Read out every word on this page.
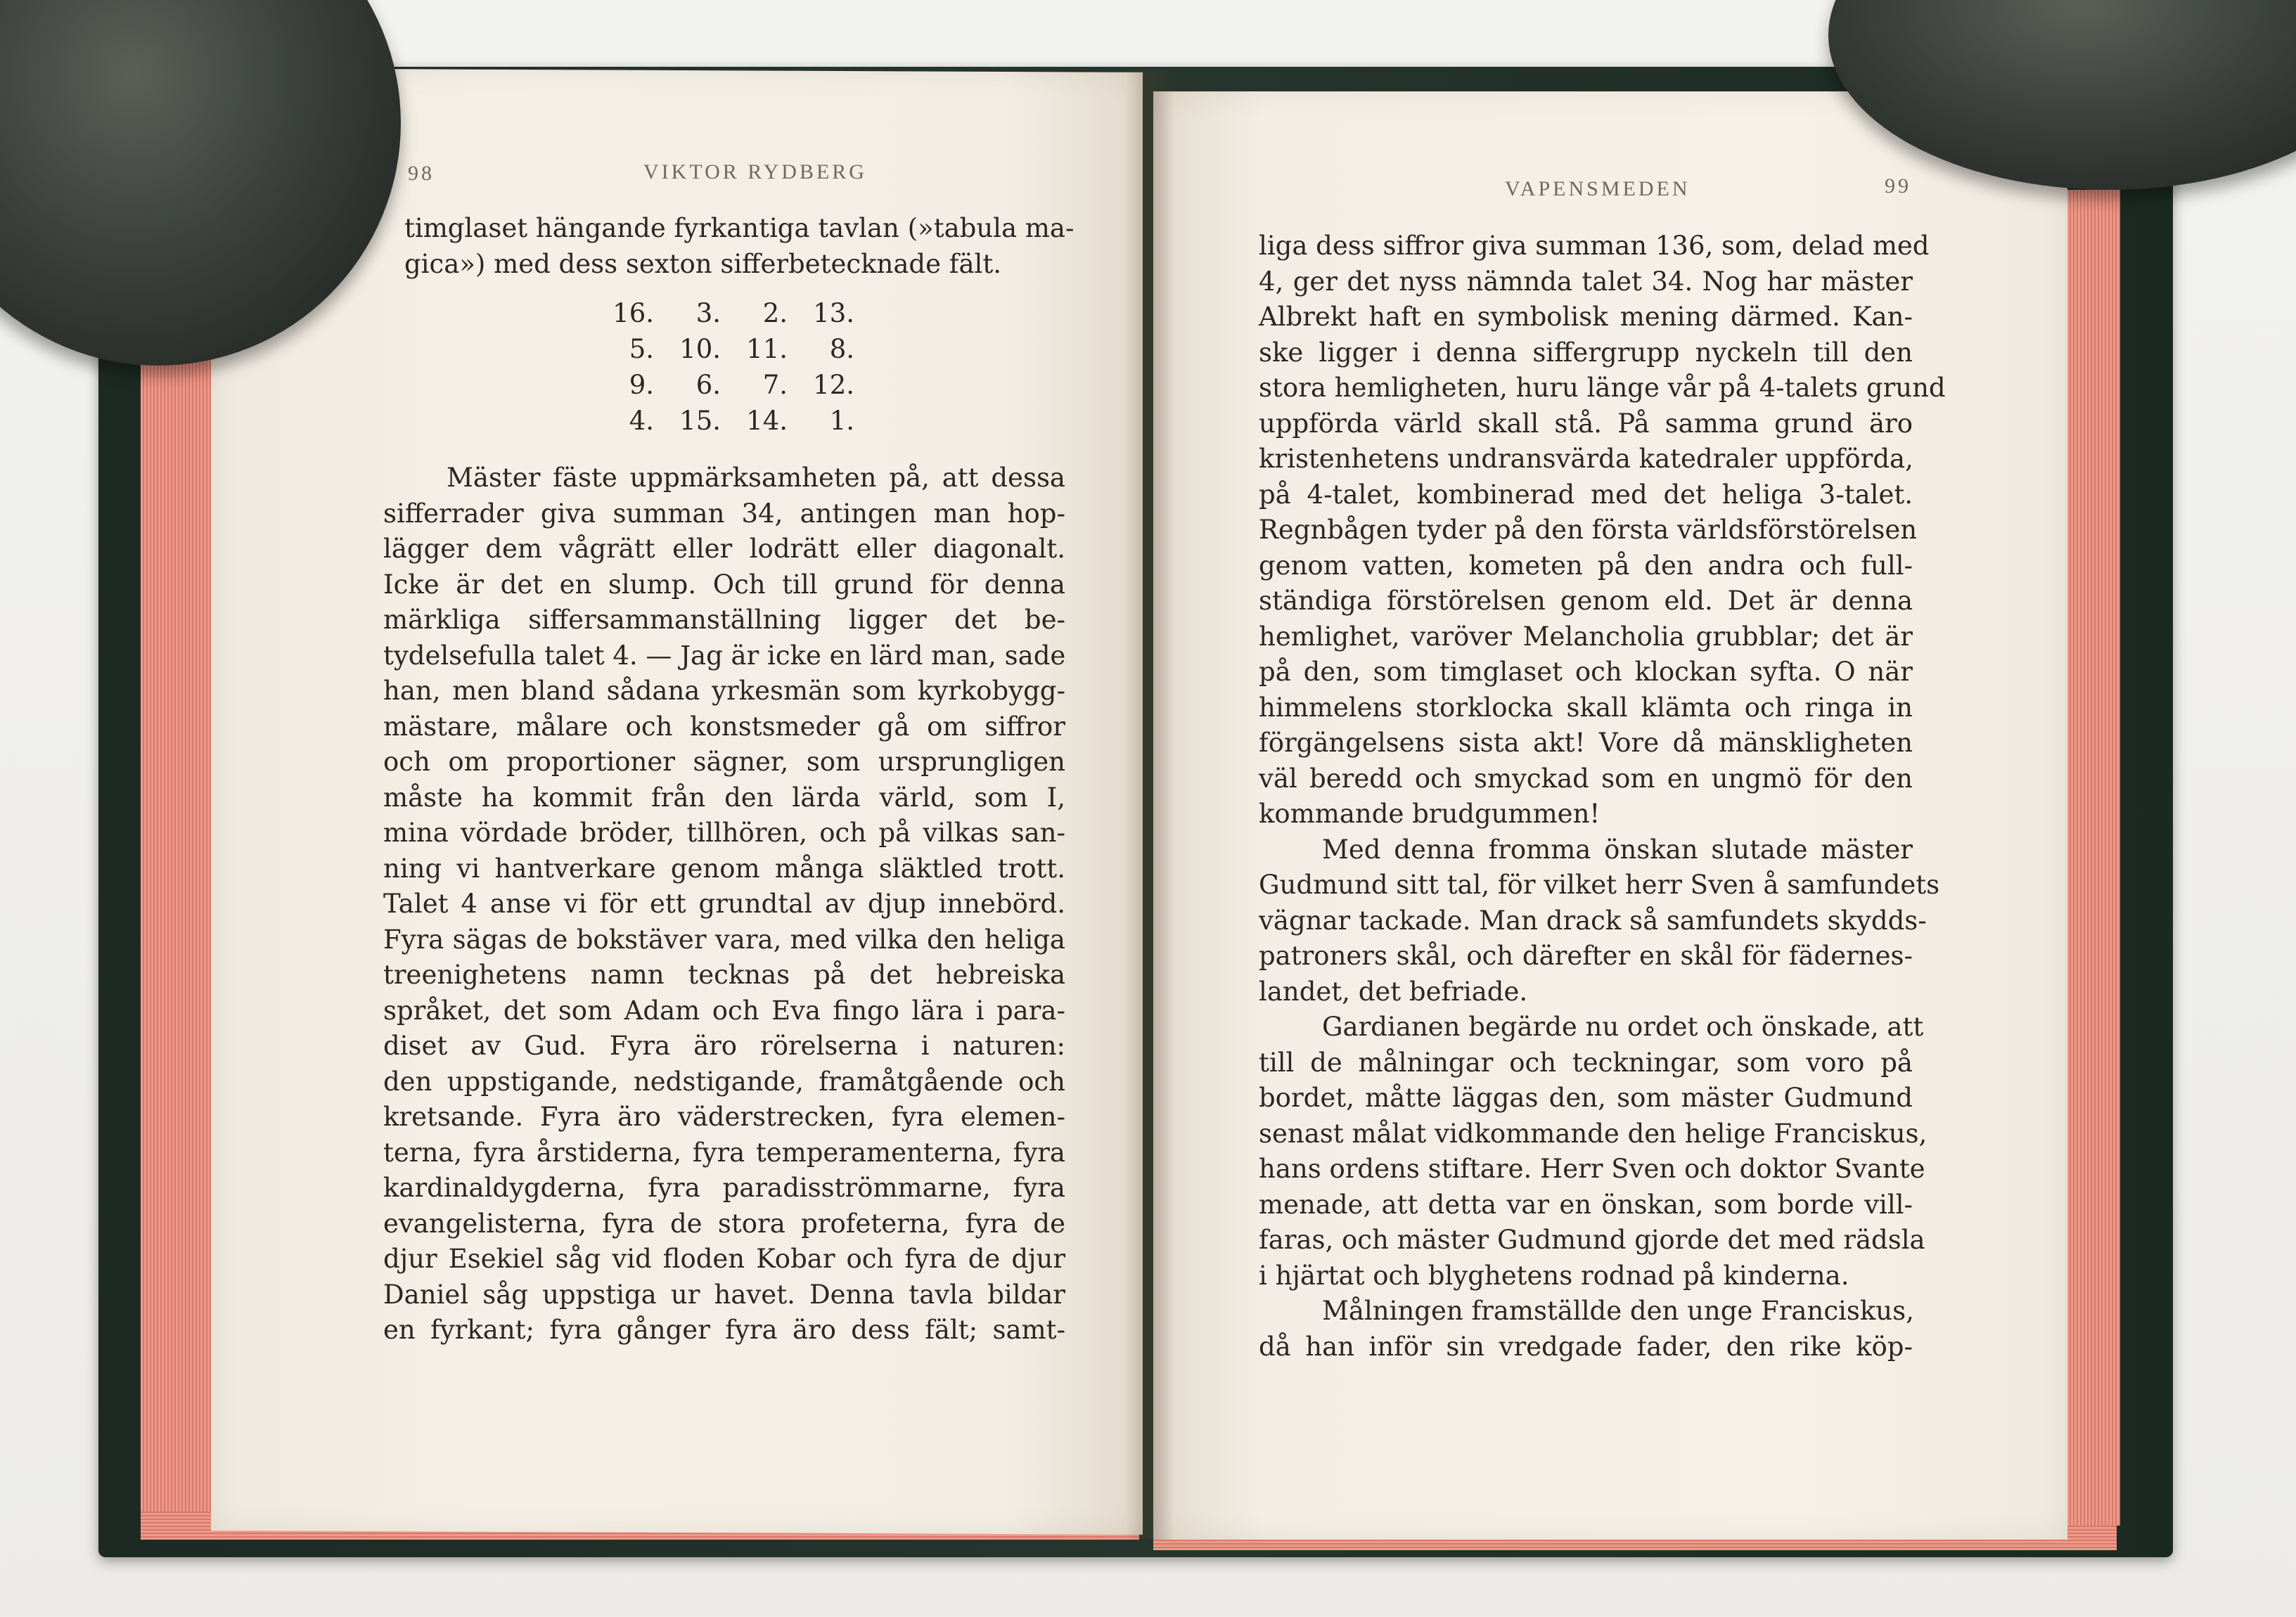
98	VIKTOR RYDBERG

timglaset hängande fyrkantiga tavlan (»tabula ma-

gica») med dess sexton sifferbetecknade fält.

16.	3.	2. 13.
5. 10. 11.	8.
9.	6.	7. 12.
4. 15. 14.	1.

Mäster fäste uppmärksamheten på, att dessa

sifferrader giva summan 34, antingen man hop-

lägger dem vågrätt eller lodrätt eller diagonalt.

Icke är det en slump. Och till grund för denna

märkliga siffersammanställning ligger det be-

tydelsefulla talet 4. — Jag är icke en lärd man, sade

han, men bland sådana yrkesmän som kyrkobygg-

mästare, målare och konstsmeder gå om siffror

och om proportioner sägner, som ursprungligen

måste ha kommit från den lärda värld, som I,

mina vördade bröder, tillhören, och på vilkas san-

ning vi hantverkare genom många släktled trott.

Talet 4 anse vi för ett grundtal av djup innebörd.

Fyra sägas de bokstäver vara, med vilka den heliga

treenighetens namn tecknas på det hebreiska

språket, det som Adam och Eva fingo lära i para-

diset av Gud. Fyra äro rörelserna i naturen:

den uppstigande, nedstigande, framåtgående och

kretsande. Fyra äro väderstrecken, fyra elemen-

terna, fyra årstiderna, fyra temperamenterna, fyra

kardinaldygderna, fyra paradisströmmarne, fyra

evangelisterna, fyra de stora profeterna, fyra de

djur Esekiel såg vid floden Kobar och fyra de djur

Daniel såg uppstiga ur havet. Denna tavla bildar

en fyrkant; fyra gånger fyra äro dess fält; samt-

VAPENSMEDEN	99

liga dess siffror giva summan 136, som, delad med

4, ger det nyss nämnda talet 34. Nog har mäster

Albrekt haft en symbolisk mening därmed. Kan-

ske ligger i denna siffergrupp nyckeln till den

stora hemligheten, huru länge vår på 4-talets grund

uppförda värld skall stå. På samma grund äro

kristenhetens undransvärda katedraler uppförda,

på 4-talet, kombinerad med det heliga 3-talet.

Regnbågen tyder på den första världsförstörelsen

genom vatten, kometen på den andra och full-

ständiga förstörelsen genom eld. Det är denna

hemlighet, varöver Melancholia grubblar; det är

på den, som timglaset och klockan syfta. O när

himmelens storklocka skall klämta och ringa in

förgängelsens sista akt! Vore då mänskligheten

väl beredd och smyckad som en ungmö för den

kommande brudgummen!

Med denna fromma önskan slutade mäster

Gudmund sitt tal, för vilket herr Sven å samfundets

vägnar tackade. Man drack så samfundets skydds-

patroners skål, och därefter en skål för fädernes-

landet, det befriade.

Gardianen begärde nu ordet och önskade, att

till de målningar och teckningar, som voro på

bordet, måtte läggas den, som mäster Gudmund

senast målat vidkommande den helige Franciskus,

hans ordens stiftare. Herr Sven och doktor Svante

menade, att detta var en önskan, som borde vill-

faras, och mäster Gudmund gjorde det med rädsla

i hjärtat och blyghetens rodnad på kinderna.

Målningen framställde den unge Franciskus,

då han inför sin vredgade fader, den rike köp-
